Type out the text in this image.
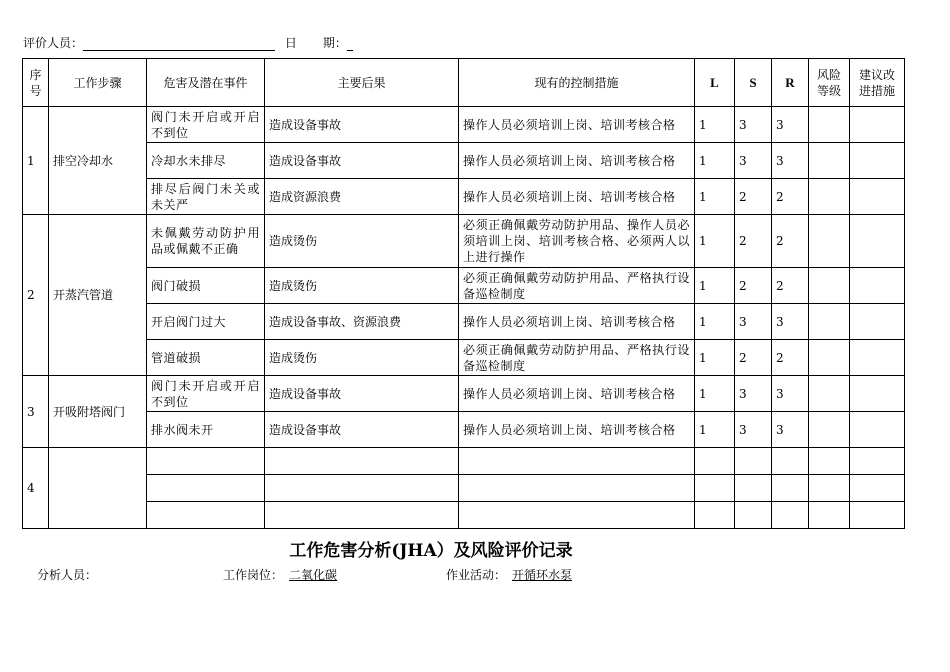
评价人员：	日 期：
序号	工作步骤	危害及潜在事件	主要后果	现有的控制措施	L	S	R	风险等级	建议改进措施
1	排空冷却水	阀门未开启或开启不到位	造成设备事故	操作人员必须培训上岗、培训考核合格	1	3	3		
		冷却水未排尽	造成设备事故	操作人员必须培训上岗、培训考核合格	1	3	3		
		排尽后阀门未关或未关严	造成资源浪费	操作人员必须培训上岗、培训考核合格	1	2	2		
2	开蒸汽管道	未佩戴劳动防护用品或佩戴不正确	造成烫伤	必须正确佩戴劳动防护用品、操作人员必须培训上岗、培训考核合格、必须两人以上进行操作	1	2	2		
		阀门破损	造成烫伤	必须正确佩戴劳动防护用品、严格执行设备巡检制度	1	2	2		
		开启阀门过大	造成设备事故、资源浪费	操作人员必须培训上岗、培训考核合格	1	3	3		
		管道破损	造成烫伤	必须正确佩戴劳动防护用品、严格执行设备巡检制度	1	2	2		
3	开吸附塔阀门	阀门未开启或开启不到位	造成设备事故	操作人员必须培训上岗、培训考核合格	1	3	3		
		排水阀未开	造成设备事故	操作人员必须培训上岗、培训考核合格	1	3	3		
4									

工作危害分析(JHA）及风险评价记录
分析人员：	工作岗位： 二氧化碳	作业活动： 开循环水泵
